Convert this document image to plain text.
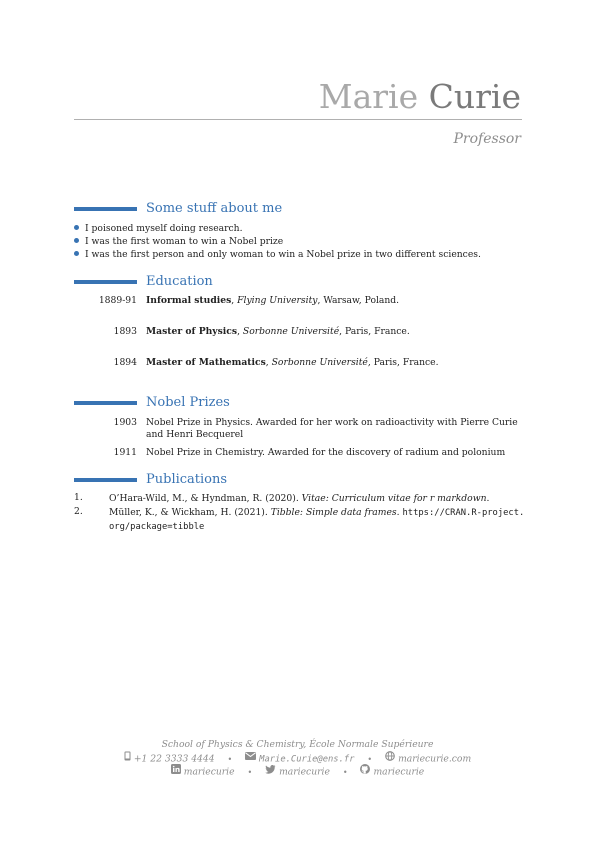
Marie Curie
Professor
Some stuff about me
I poisoned myself doing research.
I was the first woman to win a Nobel prize
I was the first person and only woman to win a Nobel prize in two different sciences.
Education
1889-91 Informal studies, Flying University, Warsaw, Poland.
1893 Master of Physics, Sorbonne Université, Paris, France.
1894 Master of Mathematics, Sorbonne Université, Paris, France.
Nobel Prizes
1903 Nobel Prize in Physics. Awarded for her work on radioactivity with Pierre Curie and Henri Becquerel
1911 Nobel Prize in Chemistry. Awarded for the discovery of radium and polonium
Publications
1.	O’Hara-Wild, M., & Hyndman, R. (2020). Vitae: Curriculum vitae for r markdown.
2.	Müller, K., & Wickham, H. (2021). Tibble: Simple data frames. https://CRAN.R-project.org/package=tibble
School of Physics & Chemistry, École Normale Supérieure
+1 22 3333 4444 •	Marie.Curie@ens.fr •	mariecurie.com
mariecurie •	mariecurie •	mariecurie
